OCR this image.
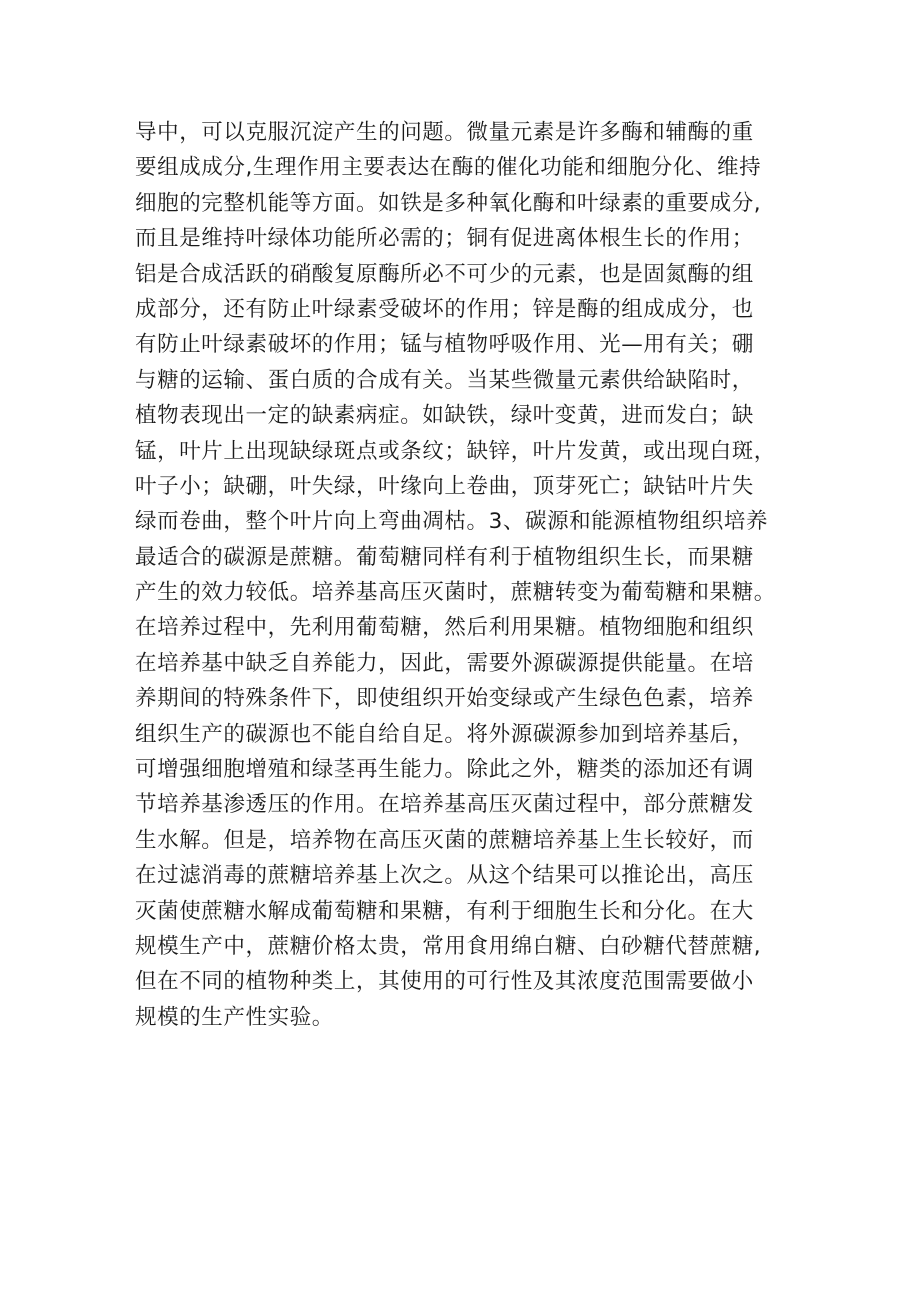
导中，可以克服沉淀产生的问题。微量元素是许多酶和辅酶的重
要组成成分,生理作用主要表达在酶的催化功能和细胞分化、维持
细胞的完整机能等方面。如铁是多种氧化酶和叶绿素的重要成分,
而且是维持叶绿体功能所必需的；铜有促进离体根生长的作用；
铝是合成活跃的硝酸复原酶所必不可少的元素，也是固氮酶的组
成部分，还有防止叶绿素受破坏的作用；锌是酶的组成成分，也
有防止叶绿素破坏的作用；锰与植物呼吸作用、光—用有关；硼
与糖的运输、蛋白质的合成有关。当某些微量元素供给缺陷时，
植物表现出一定的缺素病症。如缺铁，绿叶变黄，进而发白；缺
锰，叶片上出现缺绿斑点或条纹；缺锌，叶片发黄，或出现白斑，
叶子小；缺硼，叶失绿，叶缘向上卷曲，顶芽死亡；缺钴叶片失
绿而卷曲，整个叶片向上弯曲凋枯。3、碳源和能源植物组织培养
最适合的碳源是蔗糖。葡萄糖同样有利于植物组织生长，而果糖
产生的效力较低。培养基高压灭菌时，蔗糖转变为葡萄糖和果糖。
在培养过程中，先利用葡萄糖，然后利用果糖。植物细胞和组织
在培养基中缺乏自养能力，因此，需要外源碳源提供能量。在培
养期间的特殊条件下，即使组织开始变绿或产生绿色色素，培养
组织生产的碳源也不能自给自足。将外源碳源参加到培养基后，
可增强细胞增殖和绿茎再生能力。除此之外，糖类的添加还有调
节培养基渗透压的作用。在培养基高压灭菌过程中，部分蔗糖发
生水解。但是，培养物在高压灭菌的蔗糖培养基上生长较好，而
在过滤消毒的蔗糖培养基上次之。从这个结果可以推论出，高压
灭菌使蔗糖水解成葡萄糖和果糖，有利于细胞生长和分化。在大
规模生产中，蔗糖价格太贵，常用食用绵白糖、白砂糖代替蔗糖,
但在不同的植物种类上，其使用的可行性及其浓度范围需要做小
规模的生产性实验。
